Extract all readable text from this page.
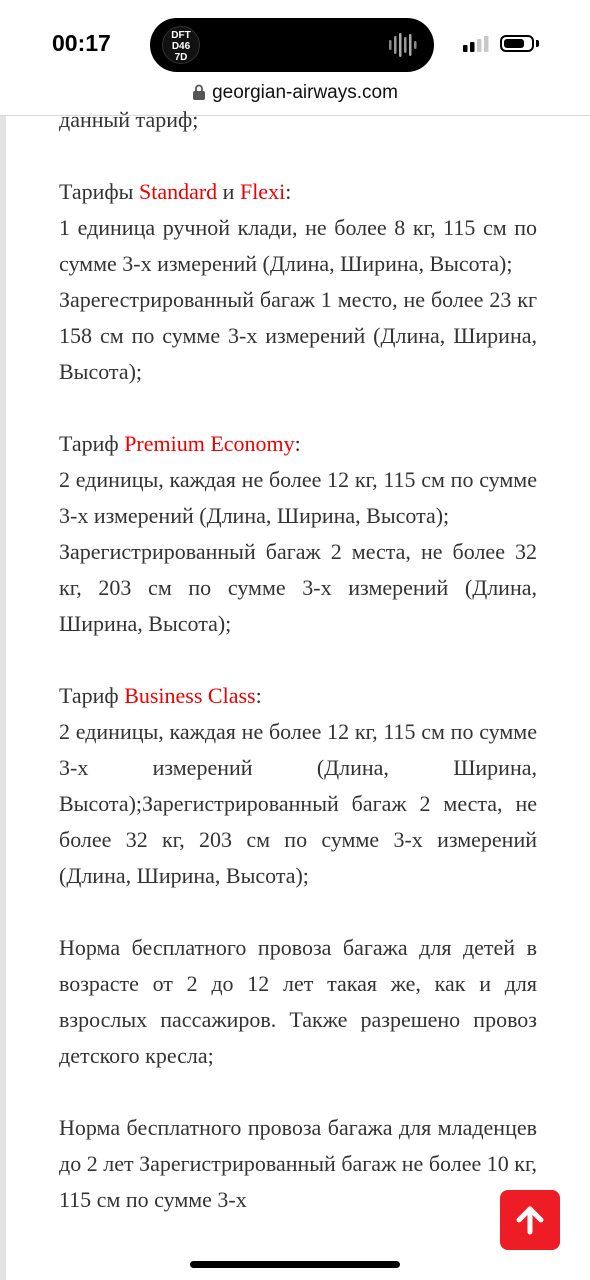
00:17	DFT
D46
7D
georgian-airways.com

данный тариф;

Тарифы Standard и Flexi:

1 единица ручной клади, не более 8 кг, 115 см по сумме 3-х измерений (Длина, Ширина, Высота);

Зарегестрированный багаж 1 место, не более 23 кг 158 см по сумме 3-х измерений (Длина, Ширина, Высота);

Тариф Premium Economy:

2 единицы, каждая не более 12 кг, 115 см по сумме 3-х измерений (Длина, Ширина, Высота);

Зарегистрированный багаж 2 места, не более 32 кг, 203 см по сумме 3-х измерений (Длина, Ширина, Высота);

Тариф Business Class:

2 единицы, каждая не более 12 кг, 115 см по сумме 3-х измерений (Длина, Ширина, Высота);Зарегистрированный багаж 2 места, не более 32 кг, 203 см по сумме 3-х измерений (Длина, Ширина, Высота);

Норма бесплатного провоза багажа для детей в возрасте от 2 до 12 лет такая же, как и для взрослых пассажиров. Также разрешено провоз детского кресла;

Норма бесплатного провоза багажа для младенцев до 2 лет Зарегистрированный багаж не более 10 кг, 115 см по сумме 3-х
